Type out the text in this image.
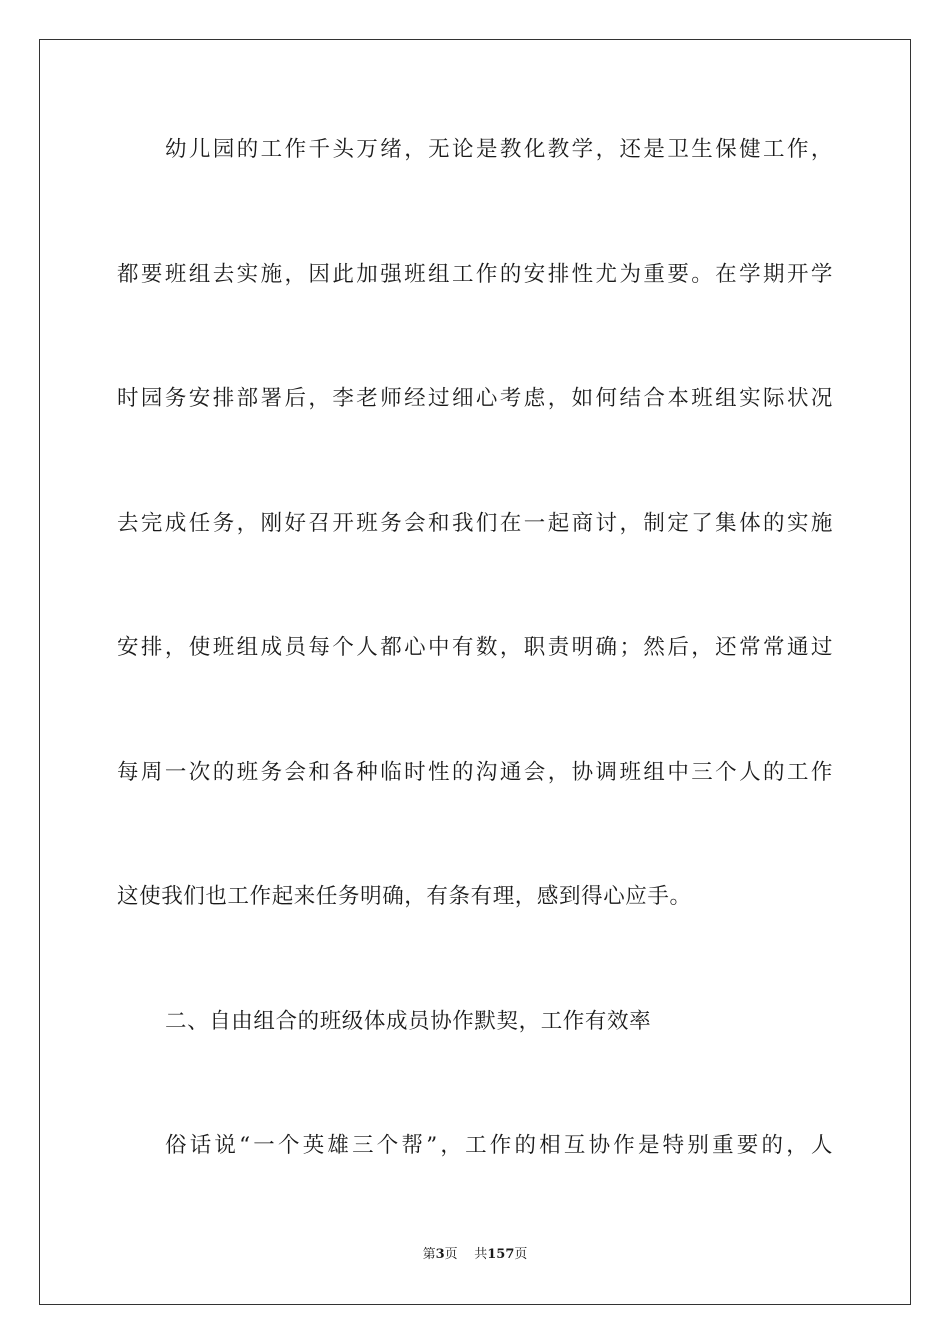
幼儿园的工作千头万绪，无论是教化教学，还是卫生保健工作，
都要班组去实施，因此加强班组工作的安排性尤为重要。在学期开学
时园务安排部署后，李老师经过细心考虑，如何结合本班组实际状况
去完成任务，刚好召开班务会和我们在一起商讨，制定了集体的实施
安排，使班组成员每个人都心中有数，职责明确；然后，还常常通过
每周一次的班务会和各种临时性的沟通会，协调班组中三个人的工作
这使我们也工作起来任务明确，有条有理，感到得心应手。
二、自由组合的班级体成员协作默契，工作有效率
俗话说“一个英雄三个帮”，工作的相互协作是特别重要的，人
第3页 共157页
